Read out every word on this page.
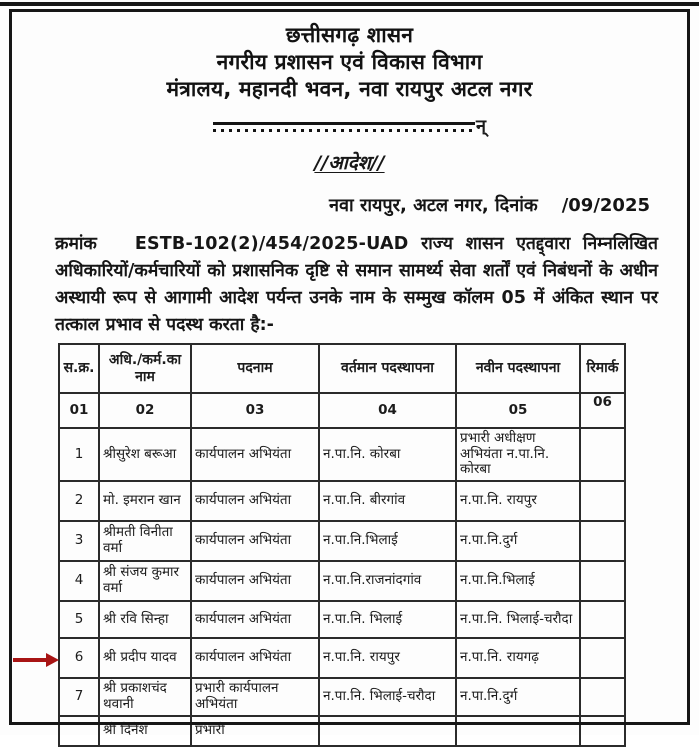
छत्तीसगढ़ शासन
नगरीय प्रशासन एवं विकास विभाग
मंत्रालय, महानदी भवन, नवा रायपुर अटल नगर
न्
//आदेश//
नवा रायपुर, अटल नगर, दिनांक /09/2025
क्रमांक ESTB-102(2)/454/2025-UAD राज्य शासन एतद्द्वारा निम्नलिखित अधिकारियों/कर्मचारियों को प्रशासनिक दृष्टि से समान सामर्थ्य सेवा शर्तों एवं निबंधनों के अधीन अस्थायी रूप से आगामी आदेश पर्यन्त उनके नाम के सम्मुख कॉलम 05 में अंकित स्थान पर तत्काल प्रभाव से पदस्थ करता है:-
स.क्र.	अधि./कर्म.का नाम	पदनाम	वर्तमान पदस्थापना	नवीन पदस्थापना	रिमार्क
01	02	03	04	05	06
1	श्रीसुरेश बरूआ	कार्यपालन अभियंता	न.पा.नि. कोरबा	प्रभारी अधीक्षण अभियंता न.पा.नि. कोरबा	
2	मो. इमरान खान	कार्यपालन अभियंता	न.पा.नि. बीरगांव	न.पा.नि. रायपुर	
3	श्रीमती विनीता वर्मा	कार्यपालन अभियंता	न.पा.नि.भिलाई	न.पा.नि.दुर्ग	
4	श्री संजय कुमार वर्मा	कार्यपालन अभियंता	न.पा.नि.राजनांदगांव	न.पा.नि.भिलाई	
5	श्री रवि सिन्हा	कार्यपालन अभियंता	न.पा.नि. भिलाई	न.पा.नि. भिलाई-चरौदा	
6	श्री प्रदीप यादव	कार्यपालन अभियंता	न.पा.नि. रायपुर	न.पा.नि. रायगढ़	
7	श्री प्रकाशचंद थवानी	प्रभारी कार्यपालन अभियंता	न.पा.नि. भिलाई-चरौदा	न.पा.नि.दुर्ग	
	श्री दिनेश	प्रभारी			
